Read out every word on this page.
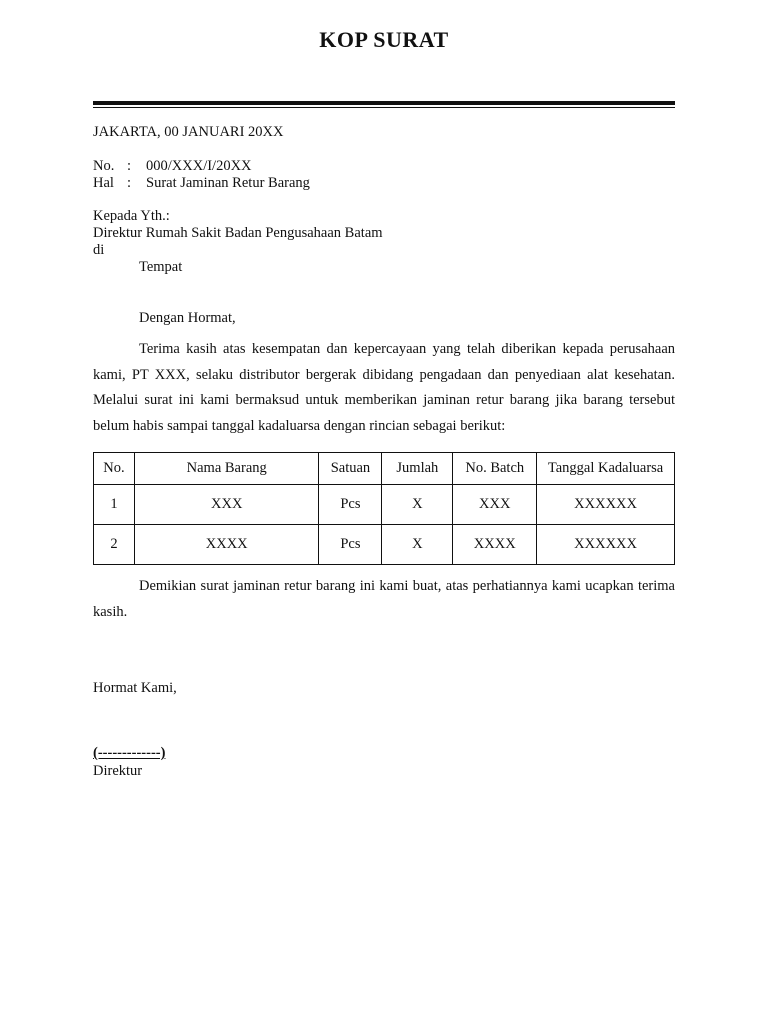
KOP SURAT
JAKARTA, 00 JANUARI 20XX
No. : 000/XXX/I/20XX
Hal : Surat Jaminan Retur Barang
Kepada Yth.:
Direktur Rumah Sakit Badan Pengusahaan Batam
di
Tempat
Dengan Hormat,

Terima kasih atas kesempatan dan kepercayaan yang telah diberikan kepada perusahaan kami, PT XXX, selaku distributor bergerak dibidang pengadaan dan penyediaan alat kesehatan. Melalui surat ini kami bermaksud untuk memberikan jaminan retur barang jika barang tersebut belum habis sampai tanggal kadaluarsa dengan rincian sebagai berikut:

No.	Nama Barang	Satuan	Jumlah	No. Batch	Tanggal Kadaluarsa
1	XXX	Pcs	X	XXX	XXXXXX
2	XXXX	Pcs	X	XXXX	XXXXXX

Demikian surat jaminan retur barang ini kami buat, atas perhatiannya kami ucapkan terima kasih.

Hormat Kami,
(-------------)
Direktur
